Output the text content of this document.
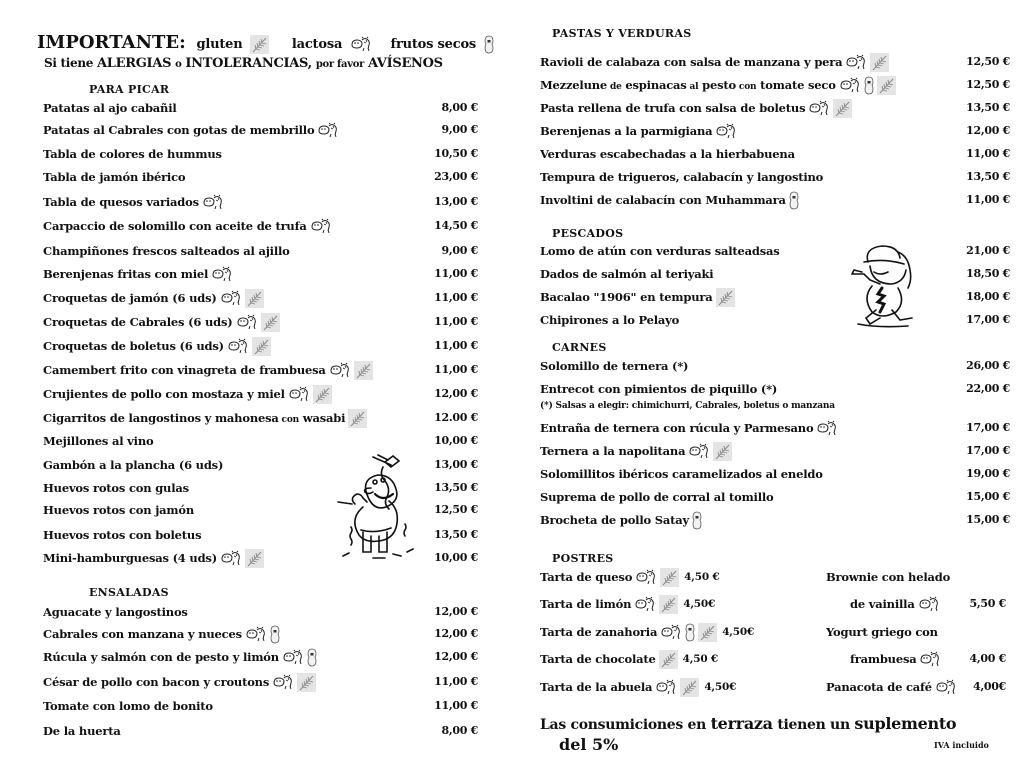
IMPORTANTE: gluten	lactosa	frutos secos
Si tiene ALERGIAS o INTOLERANCIAS, por favor AVÍSENOS
PARA PICAR
Patatas al ajo cabañil	8,00 €
Patatas al Cabrales con gotas de membrillo	9,00 €
Tabla de colores de hummus	10,50 €
Tabla de jamón ibérico	23,00 €
Tabla de quesos variados	13,00 €
Carpaccio de solomillo con aceite de trufa	14,50 €
Champiñones frescos salteados al ajillo	9,00 €
Berenjenas fritas con miel	11,00 €
Croquetas de jamón (6 uds)	11,00 €
Croquetas de Cabrales (6 uds)	11,00 €
Croquetas de boletus (6 uds)	11,00 €
Camembert frito con vinagreta de frambuesa	11,00 €
Crujientes de pollo con mostaza y miel	12,00 €
Cigarritos de langostinos y mahonesa con wasabi	12.00 €
Mejillones al vino	10,00 €
Gambón a la plancha (6 uds)	13,00 €
Huevos rotos con gulas	13,50 €
Huevos rotos con jamón	12,50 €
Huevos rotos con boletus	13,50 €
Mini-hamburguesas (4 uds)	10,00 €
ENSALADAS
Aguacate y langostinos	12,00 €
Cabrales con manzana y nueces	12,00 €
Rúcula y salmón con de pesto y limón	12,00 €
César de pollo con bacon y croutons	11,00 €
Tomate con lomo de bonito	11,00 €
De la huerta	8,00 €
PASTAS Y VERDURAS
Ravioli de calabaza con salsa de manzana y pera	12,50 €
Mezzelune de espinacas al pesto con tomate seco	12,50 €
Pasta rellena de trufa con salsa de boletus	13,50 €
Berenjenas a la parmigiana	12,00 €
Verduras escabechadas a la hierbabuena	11,00 €
Tempura de trigueros, calabacín y langostino	13,50 €
Involtini de calabacín con Muhammara	11,00 €
PESCADOS
Lomo de atún con verduras salteadsas	21,00 €
Dados de salmón al teriyaki	18,50 €
Bacalao "1906" en tempura	18,00 €
Chipirones a lo Pelayo	17,00 €
CARNES
Solomillo de ternera (*)	26,00 €
Entrecot con pimientos de piquillo (*)	22,00 €
Entraña de ternera con rúcula y Parmesano	17,00 €
Ternera a la napolitana	17,00 €
Solomillitos ibéricos caramelizados al eneldo	19,00 €
Suprema de pollo de corral al tomillo	15,00 €
Brocheta de pollo Satay	15,00 €
(*) Salsas a elegir: chimichurri, Cabrales, boletus o manzana
POSTRES
Tarta de queso	4,50 €
Tarta de limón	4,50€
Tarta de zanahoria	4,50€
Tarta de chocolate	4,50 €
Tarta de la abuela	4,50€
Brownie con helado
de vainilla	5,50 €
Yogurt griego con
frambuesa	4,00 €
Panacota de café	4,00€
Las consumiciones en terraza tienen un suplemento
del 5%	IVA incluido
